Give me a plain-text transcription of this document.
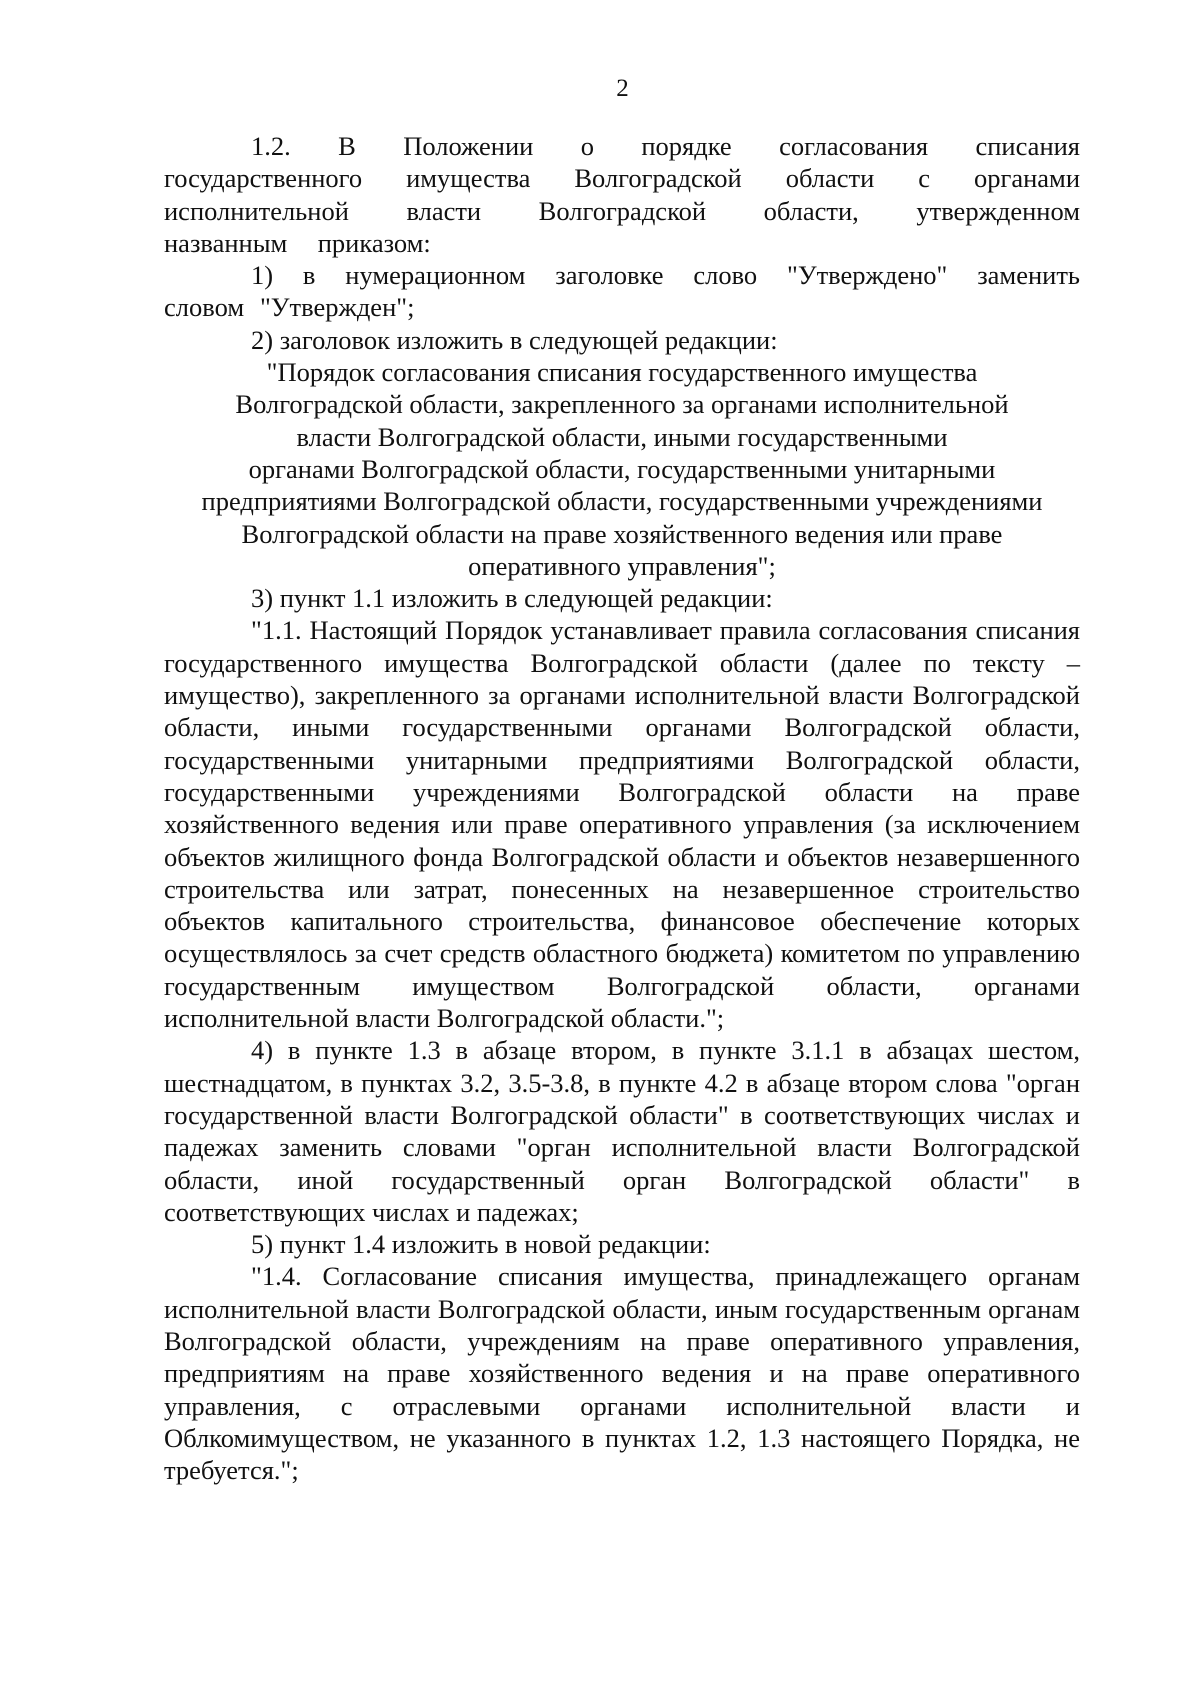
2

1.2. В Положении о порядке согласования списания государственного имущества Волгоградской области с органами исполнительной власти Волгоградской области, утвержденном названным приказом:

1) в нумерационном заголовке слово "Утверждено" заменить словом "Утвержден";

2) заголовок изложить в следующей редакции:

"Порядок согласования списания государственного имущества
Волгоградской области, закрепленного за органами исполнительной
власти Волгоградской области, иными государственными
органами Волгоградской области, государственными унитарными
предприятиями Волгоградской области, государственными учреждениями
Волгоградской области на праве хозяйственного ведения или праве
оперативного управления";

3) пункт 1.1 изложить в следующей редакции:

"1.1. Настоящий Порядок устанавливает правила согласования списания государственного имущества Волгоградской области (далее по тексту – имущество), закрепленного за органами исполнительной власти Волгоградской области, иными государственными органами Волгоградской области, государственными унитарными предприятиями Волгоградской области, государственными учреждениями Волгоградской области на праве хозяйственного ведения или праве оперативного управления (за исключением объектов жилищного фонда Волгоградской области и объектов незавершенного строительства или затрат, понесенных на незавершенное строительство объектов капитального строительства, финансовое обеспечение которых осуществлялось за счет средств областного бюджета) комитетом по управлению государственным имуществом Волгоградской области, органами исполнительной власти Волгоградской области.";

4) в пункте 1.3 в абзаце втором, в пункте 3.1.1 в абзацах шестом, шестнадцатом, в пунктах 3.2, 3.5-3.8, в пункте 4.2 в абзаце втором слова "орган государственной власти Волгоградской области" в соответствующих числах и падежах заменить словами "орган исполнительной власти Волгоградской области, иной государственный орган Волгоградской области" в соответствующих числах и падежах;

5) пункт 1.4 изложить в новой редакции:

"1.4. Согласование списания имущества, принадлежащего органам исполнительной власти Волгоградской области, иным государственным органам Волгоградской области, учреждениям на праве оперативного управления, предприятиям на праве хозяйственного ведения и на праве оперативного управления, с отраслевыми органами исполнительной власти и Облкомимуществом, не указанного в пунктах 1.2, 1.3 настоящего Порядка, не требуется.";
